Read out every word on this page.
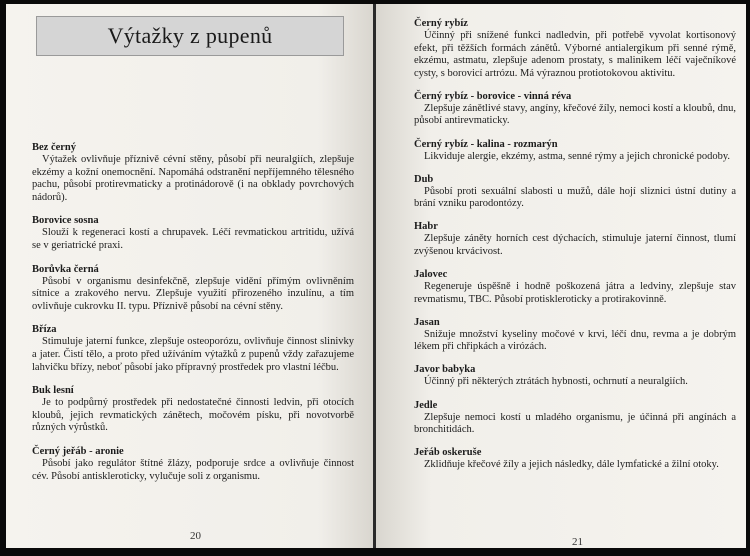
Výtažky z pupenů
Bez černý
Výtažek ovlivňuje příznivě cévní stěny, působí při neuralgiích, zlepšuje ekzémy a kožní onemocnění. Napomáhá odstranění nepříjemného tělesného pachu, působí protirevmaticky a protinádorově (i na obklady povrchových nádorů).
Borovice sosna
Slouží k regeneraci kostí a chrupavek. Léčí revmatickou artritidu, užívá se v geriatrické praxi.
Borůvka černá
Působí v organismu desinfekčně, zlepšuje vidění přímým ovlivněním sítnice a zrakového nervu. Zlepšuje využití přirozeného inzulínu, a tím ovlivňuje cukrovku II. typu. Příznivě působí na cévní stěny.
Bříza
Stimuluje jaterní funkce, zlepšuje osteoporózu, ovlivňuje činnost slinivky a jater. Čistí tělo, a proto před užíváním výtažků z pupenů vždy zařazujeme lahvičku břízy, neboť působí jako přípravný prostředek pro vlastní léčbu.
Buk lesní
Je to podpůrný prostředek při nedostatečné činnosti ledvin, při otocích kloubů, jejich revmatických zánětech, močovém písku, při novotvorbě různých výrůstků.
Černý jeřáb - aronie
Působí jako regulátor štítné žlázy, podporuje srdce a ovlivňuje činnost cév. Působí antiskleroticky, vylučuje soli z organismu.
20
Černý rybíz
Účinný při snížené funkci nadledvin, při potřebě vyvolat kortisonový efekt, při těžších formách zánětů. Výborné antialergikum při senné rýmě, ekzému, astmatu, zlepšuje adenom prostaty, s malinikem léčí vaječníkové cysty, s borovicí artrózu. Má výraznou protiotokovou aktivitu.
Černý rybíz - borovice - vinná réva
Zlepšuje zánětlivé stavy, angíny, křečové žíly, nemoci kostí a kloubů, dnu, působí antirevmaticky.
Černý rybíz - kalina - rozmarýn
Likviduje alergie, ekzémy, astma, senné rýmy a jejich chronické podoby.
Dub
Působí proti sexuální slabosti u mužů, dále hojí sliznici ústní dutiny a brání vzniku parodontózy.
Habr
Zlepšuje záněty horních cest dýchacích, stimuluje jaterní činnost, tlumí zvýšenou krvácivost.
Jalovec
Regeneruje úspěšně i hodně poškozená játra a ledviny, zlepšuje stav revmatismu, TBC. Působí protiskleroticky a protirakovinně.
Jasan
Snižuje množství kyseliny močové v krvi, léčí dnu, revma a je dobrým lékem při chřipkách a virózách.
Javor babyka
Účinný při některých ztrátách hybnosti, ochrnutí a neuralgiích.
Jedle
Zlepšuje nemoci kostí u mladého organismu, je účinná při angínách a bronchitidách.
Jeřáb oskeruše
Zklidňuje křečové žíly a jejich následky, dále lymfatické a žilní otoky.
21
